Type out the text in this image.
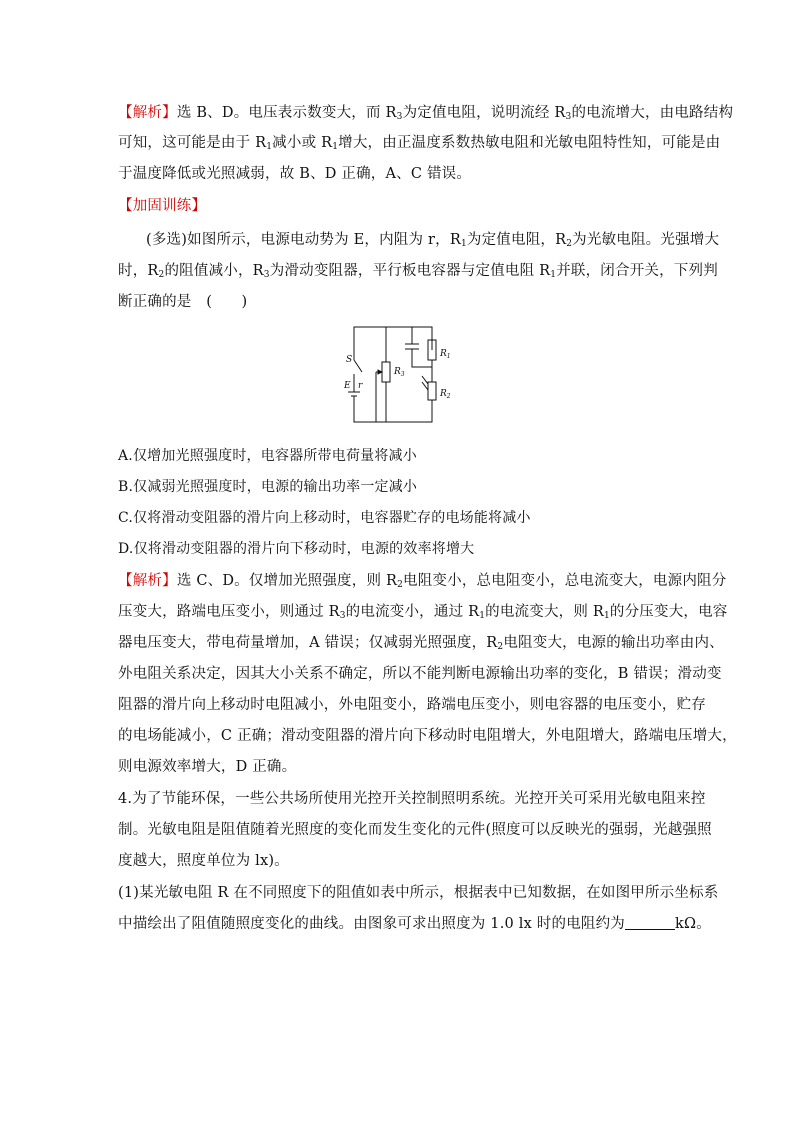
【解析】选 B、D。电压表示数变大，而 $R_3$为定值电阻，说明流经 $R_3$的电流增大，由电路结构
可知，这可能是由于 $R_1$减小或 $R_1$增大，由正温度系数热敏电阻和光敏电阻特性知，可能是由
于温度降低或光照减弱，故 B、D 正确，A、C 错误。
【加固训练】
(多选)如图所示，电源电动势为 E，内阻为 r，$R_1$为定值电阻，$R_2$为光敏电阻。光强增大
时，$R_2$的阻值减小，$R_3$为滑动变阻器，平行板电容器与定值电阻 $R_1$并联，闭合开关，下列判
断正确的是　(　　)
S
E r
$R_1$
$R_2$
$R_3$
A.仅增加光照强度时，电容器所带电荷量将减小
B.仅减弱光照强度时，电源的输出功率一定减小
C.仅将滑动变阻器的滑片向上移动时，电容器贮存的电场能将减小
D.仅将滑动变阻器的滑片向下移动时，电源的效率将增大
【解析】选 C、D。仅增加光照强度，则 $R_2$电阻变小，总电阻变小，总电流变大，电源内阻分
压变大，路端电压变小，则通过 $R_3$的电流变小，通过 $R_1$的电流变大，则 $R_1$的分压变大，电容
器电压变大，带电荷量增加，A 错误；仅减弱光照强度，$R_2$电阻变大，电源的输出功率由内、
外电阻关系决定，因其大小关系不确定，所以不能判断电源输出功率的变化，B 错误；滑动变
阻器的滑片向上移动时电阻减小，外电阻变小，路端电压变小，则电容器的电压变小，贮存
的电场能减小，C 正确；滑动变阻器的滑片向下移动时电阻增大，外电阻增大，路端电压增大，
则电源效率增大，D 正确。
4.为了节能环保，一些公共场所使用光控开关控制照明系统。光控开关可采用光敏电阻来控
制。光敏电阻是阻值随着光照度的变化而发生变化的元件(照度可以反映光的强弱，光越强照
度越大，照度单位为 lx)。
(1)某光敏电阻 R 在不同照度下的阻值如表中所示，根据表中已知数据，在如图甲所示坐标系
中描绘出了阻值随照度变化的曲线。由图象可求出照度为 1.0 lx 时的电阻约为	kΩ。
